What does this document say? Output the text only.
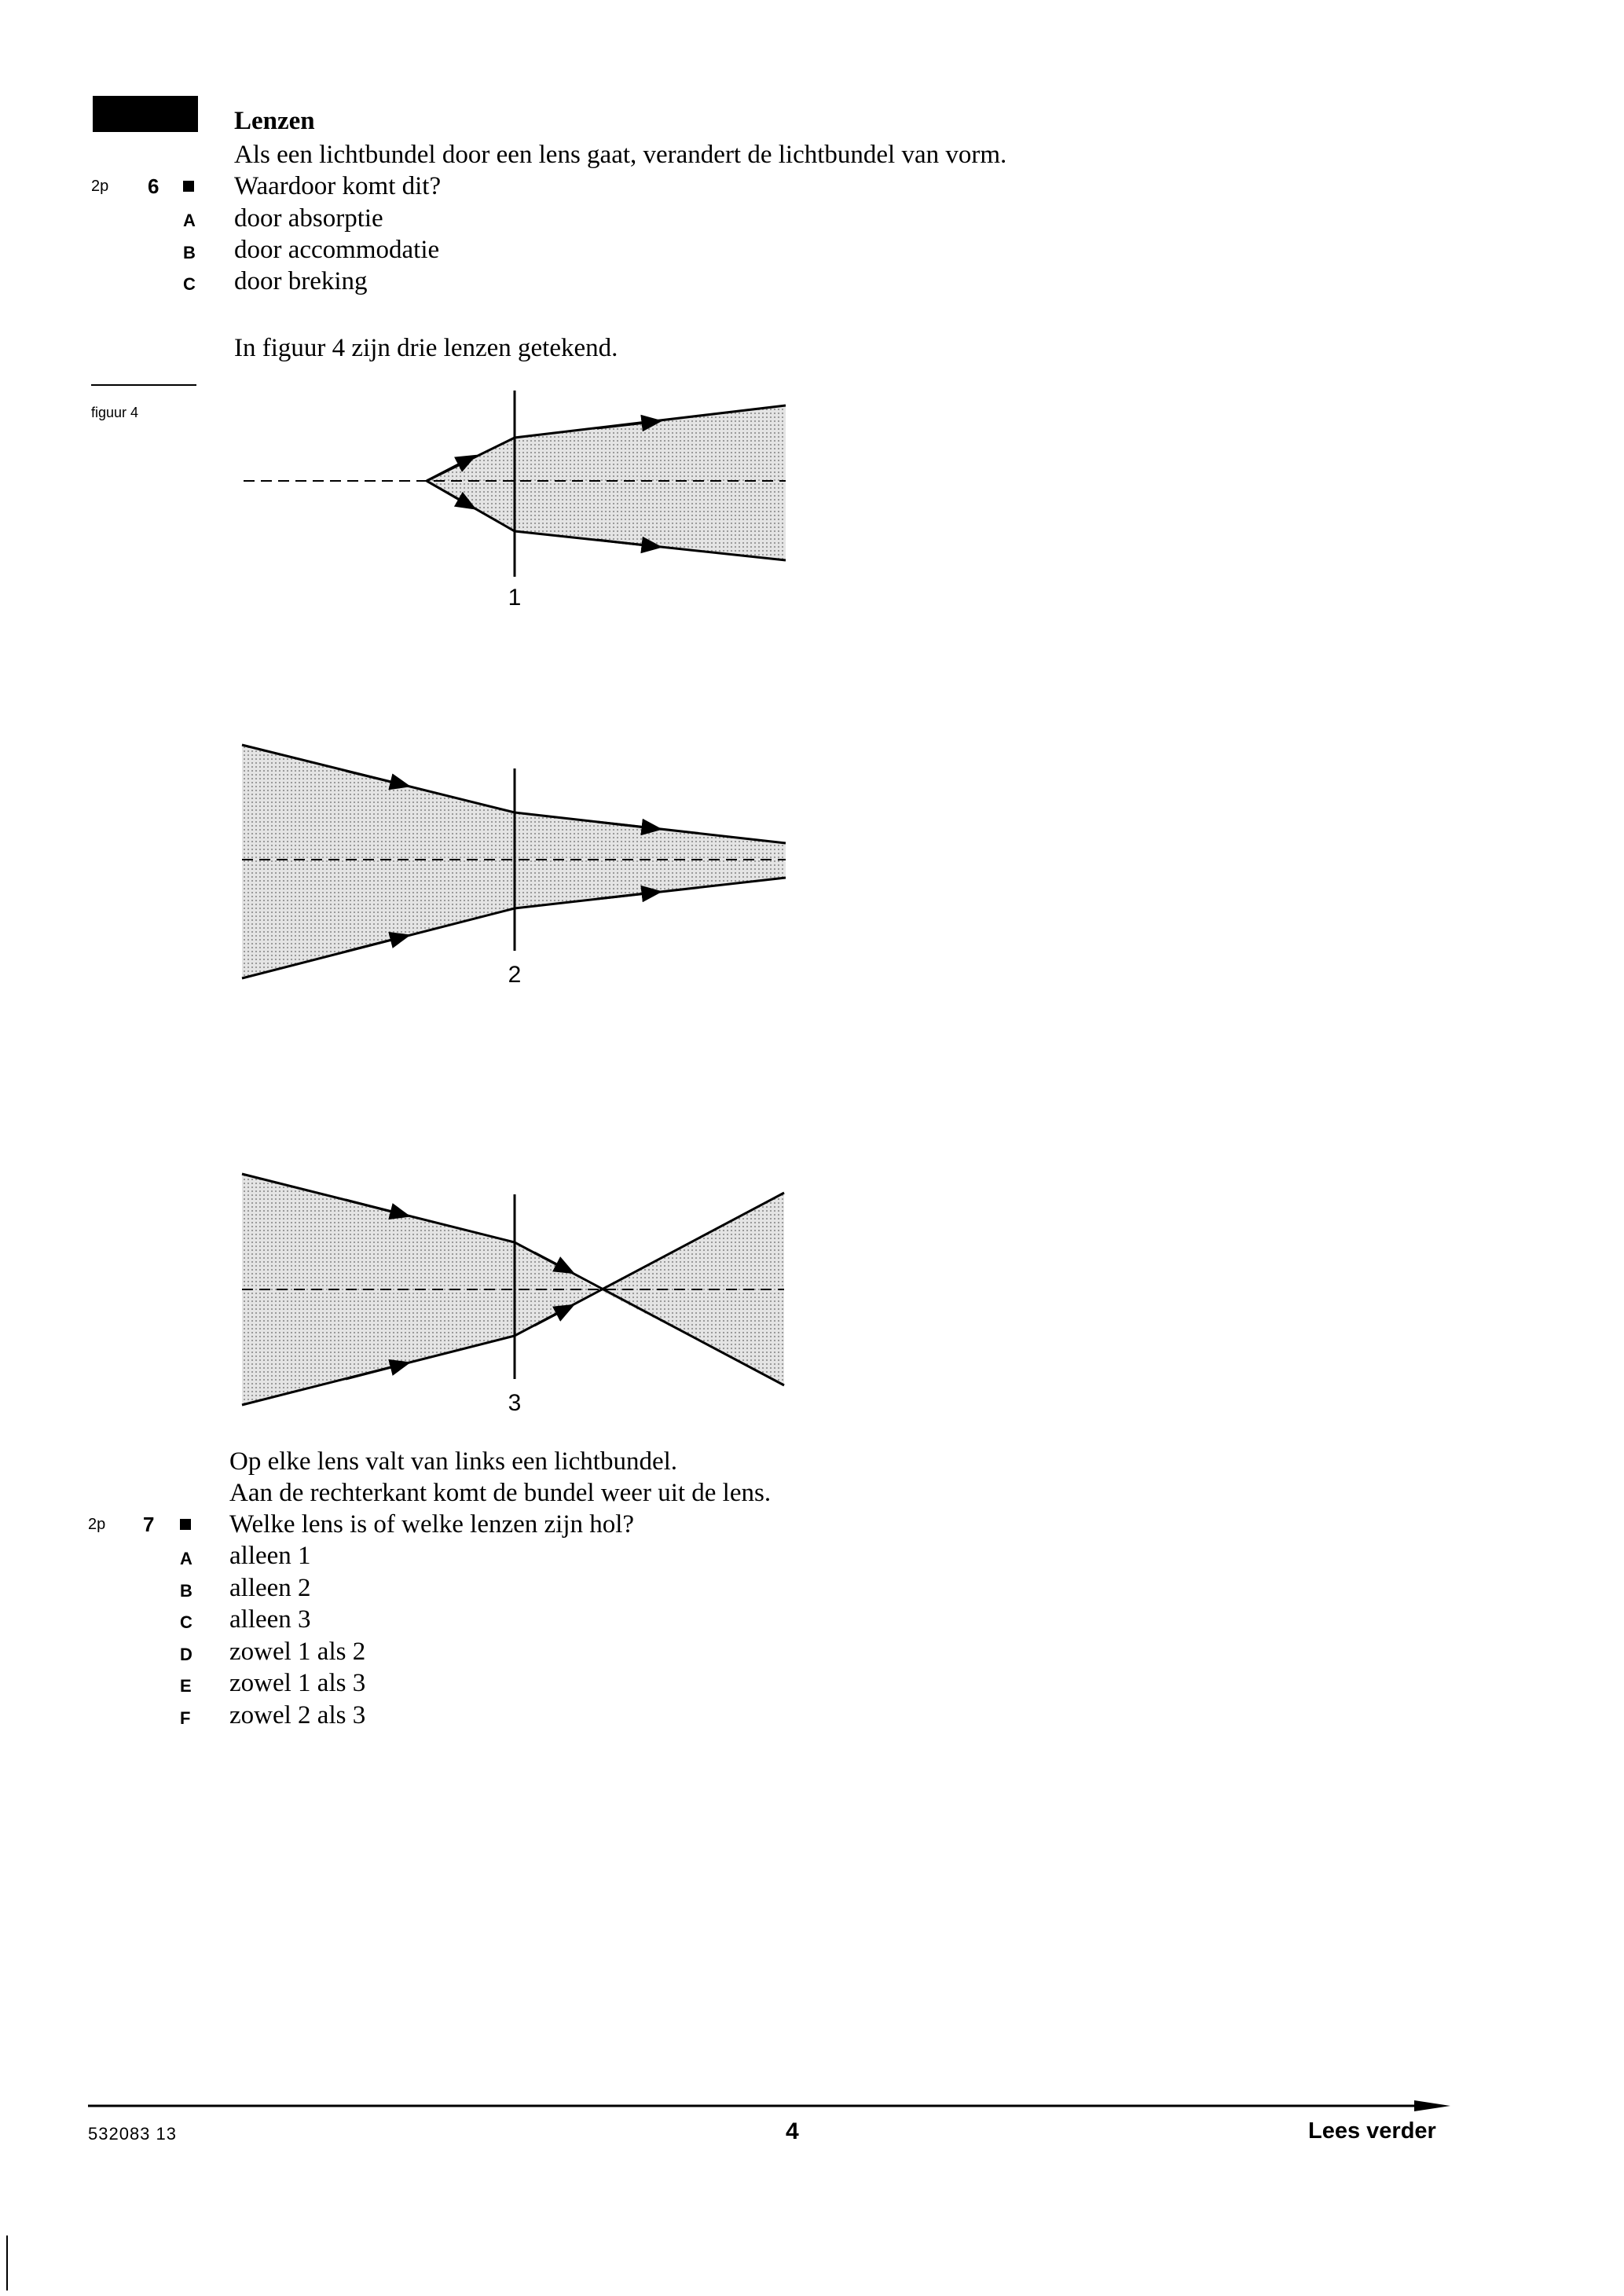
Lenzen
Als een lichtbundel door een lens gaat, verandert de lichtbundel van vorm.
2p 6	Waardoor komt dit?
A door absorptie
B door accommodatie
C door breking
In figuur 4 zijn drie lenzen getekend.
figuur 4
1
2
3
Op elke lens valt van links een lichtbundel.
Aan de rechterkant komt de bundel weer uit de lens.
2p 7	Welke lens is of welke lenzen zijn hol?
A alleen 1
B alleen 2
C alleen 3
D zowel 1 als 2
E zowel 1 als 3
F zowel 2 als 3
532083 13	4	Lees verder
